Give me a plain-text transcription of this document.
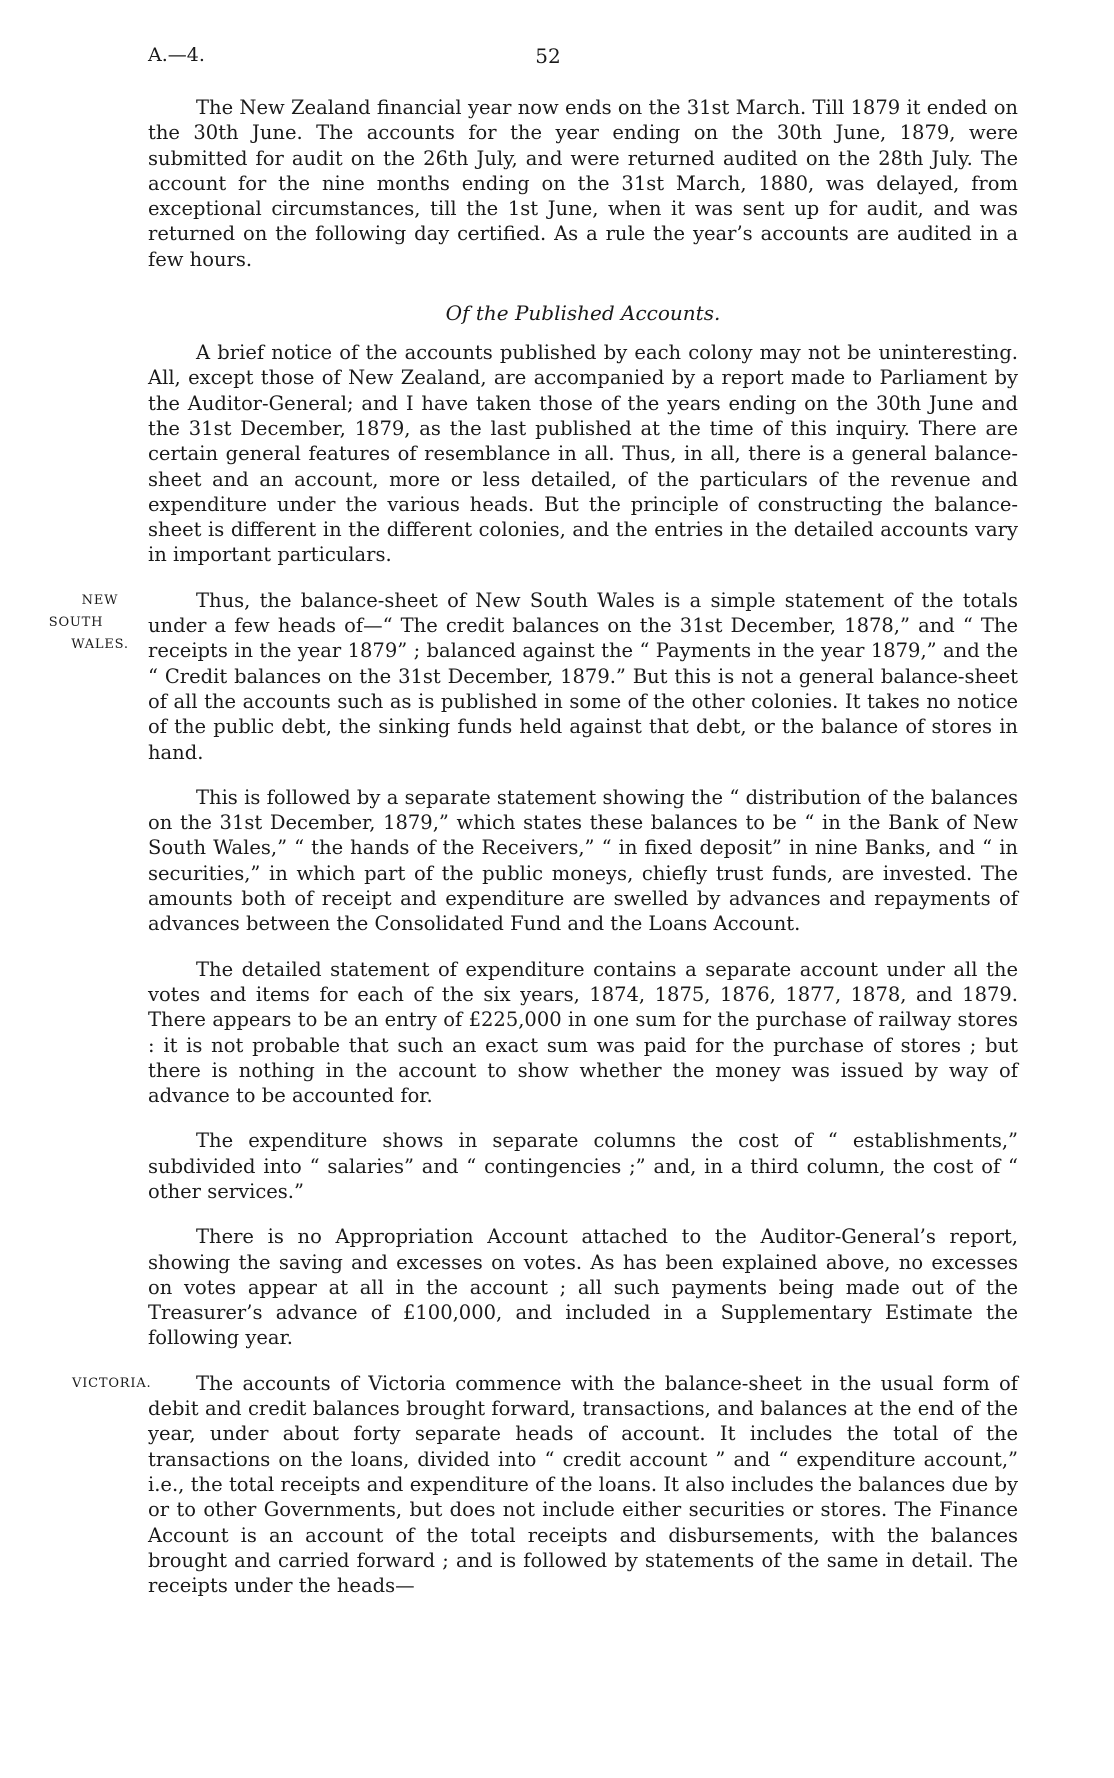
A.—4.	52

The New Zealand financial year now ends on the 31st March. Till 1879 it ended on the 30th June. The accounts for the year ending on the 30th June, 1879, were submitted for audit on the 26th July, and were returned audited on the 28th July. The account for the nine months ending on the 31st March, 1880, was delayed, from exceptional circumstances, till the 1st June, when it was sent up for audit, and was returned on the following day certified. As a rule the year’s accounts are audited in a few hours.

Of the Published Accounts.

A brief notice of the accounts published by each colony may not be uninteresting. All, except those of New Zealand, are accompanied by a report made to Parliament by the Auditor-General; and I have taken those of the years ending on the 30th June and the 31st December, 1879, as the last published at the time of this inquiry. There are certain general features of resemblance in all. Thus, in all, there is a general balance-sheet and an account, more or less detailed, of the particulars of the revenue and expenditure under the various heads. But the principle of constructing the balance-sheet is different in the different colonies, and the entries in the detailed accounts vary in important particulars.

NEW SOUTH
WALES.
Thus, the balance-sheet of New South Wales is a simple statement of the totals under a few heads of—“ The credit balances on the 31st December, 1878,” and “ The receipts in the year 1879” ; balanced against the “ Payments in the year 1879,” and the “ Credit balances on the 31st December, 1879.” But this is not a general balance-sheet of all the accounts such as is published in some of the other colonies. It takes no notice of the public debt, the sinking funds held against that debt, or the balance of stores in hand.

This is followed by a separate statement showing the “ distribution of the balances on the 31st December, 1879,” which states these balances to be “ in the Bank of New South Wales,” “ the hands of the Receivers,” “ in fixed deposit” in nine Banks, and “ in securities,” in which part of the public moneys, chiefly trust funds, are invested. The amounts both of receipt and expenditure are swelled by advances and repayments of advances between the Consolidated Fund and the Loans Account.

The detailed statement of expenditure contains a separate account under all the votes and items for each of the six years, 1874, 1875, 1876, 1877, 1878, and 1879. There appears to be an entry of £225,000 in one sum for the purchase of railway stores : it is not probable that such an exact sum was paid for the purchase of stores ; but there is nothing in the account to show whether the money was issued by way of advance to be accounted for.

The expenditure shows in separate columns the cost of “ establishments,” subdivided into “ salaries” and “ contingencies ;” and, in a third column, the cost of “ other services.”

There is no Appropriation Account attached to the Auditor-General’s report, showing the saving and excesses on votes. As has been explained above, no excesses on votes appear at all in the account ; all such payments being made out of the Treasurer’s advance of £100,000, and included in a Supplementary Estimate the following year.

VICTORIA. The accounts of Victoria commence with the balance-sheet in the usual form of debit and credit balances brought forward, transactions, and balances at the end of the year, under about forty separate heads of account. It includes the total of the transactions on the loans, divided into “ credit account ” and “ expenditure account,” i.e., the total receipts and expenditure of the loans. It also includes the balances due by or to other Governments, but does not include either securities or stores. The Finance Account is an account of the total receipts and disbursements, with the balances brought and carried forward ; and is followed by statements of the same in detail. The receipts under the heads—
